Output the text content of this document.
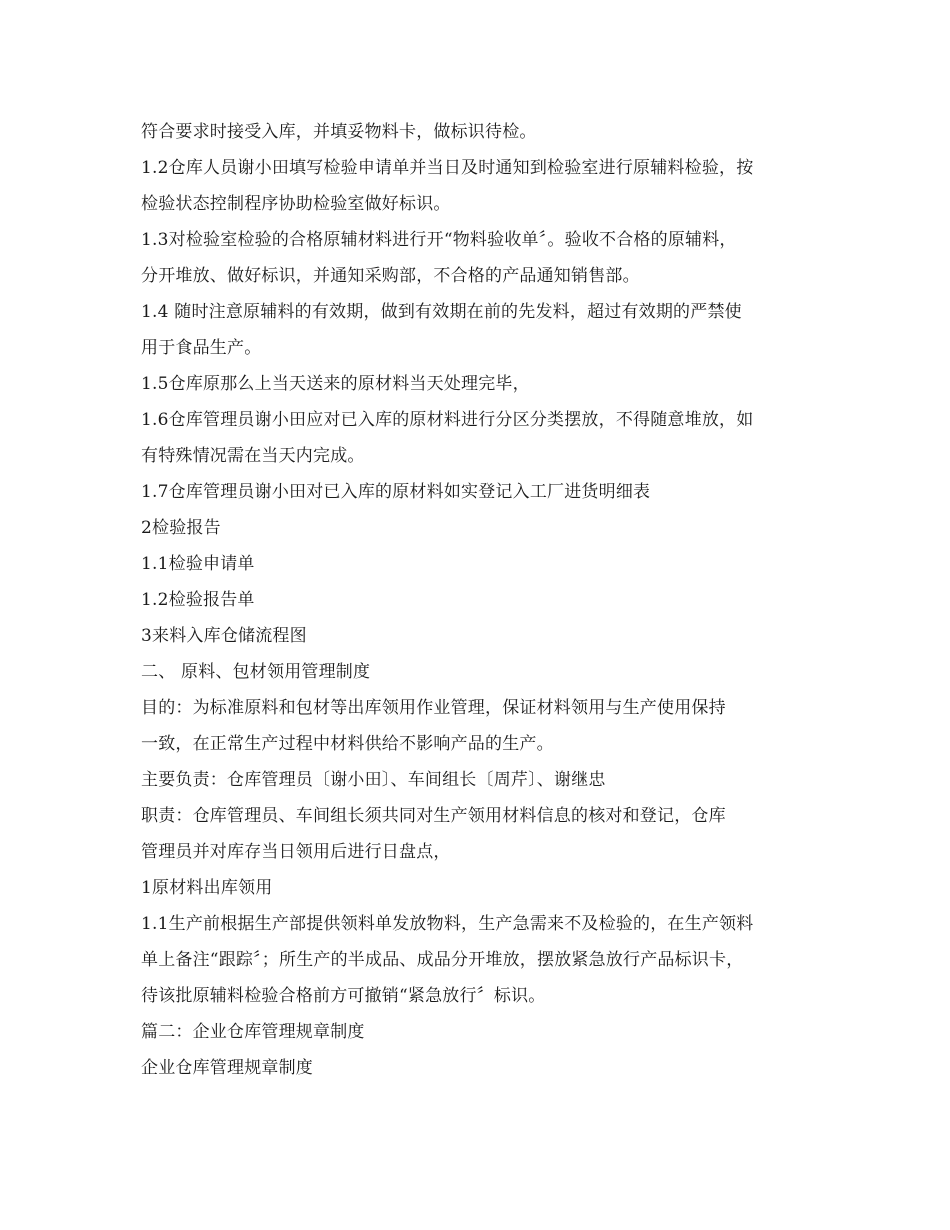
符合要求时接受入库，并填妥物料卡，做标识待检。
1.2仓库人员谢小田填写检验申请单并当日及时通知到检验室进行原辅料检验，按
检验状态控制程序协助检验室做好标识。
1.3对检验室检验的合格原辅材料进行开“物料验收单〞。验收不合格的原辅料，
分开堆放、做好标识，并通知采购部，不合格的产品通知销售部。
1.4 随时注意原辅料的有效期，做到有效期在前的先发料，超过有效期的严禁使
用于食品生产。
1.5仓库原那么上当天送来的原材料当天处理完毕，
1.6仓库管理员谢小田应对已入库的原材料进行分区分类摆放，不得随意堆放，如
有特殊情况需在当天内完成。
1.7仓库管理员谢小田对已入库的原材料如实登记入工厂进货明细表
2检验报告
1.1检验申请单
1.2检验报告单
3来料入库仓储流程图
二、 原料、包材领用管理制度
目的：为标准原料和包材等出库领用作业管理，保证材料领用与生产使用保持
一致，在正常生产过程中材料供给不影响产品的生产。
主要负责：仓库管理员〔谢小田〕、车间组长〔周芹〕、谢继忠
职责：仓库管理员、车间组长须共同对生产领用材料信息的核对和登记，仓库
管理员并对库存当日领用后进行日盘点，
1原材料出库领用
1.1生产前根据生产部提供领料单发放物料，生产急需来不及检验的，在生产领料
单上备注“跟踪〞；所生产的半成品、成品分开堆放，摆放紧急放行产品标识卡，
待该批原辅料检验合格前方可撤销“紧急放行〞标识。
篇二：企业仓库管理规章制度
企业仓库管理规章制度
